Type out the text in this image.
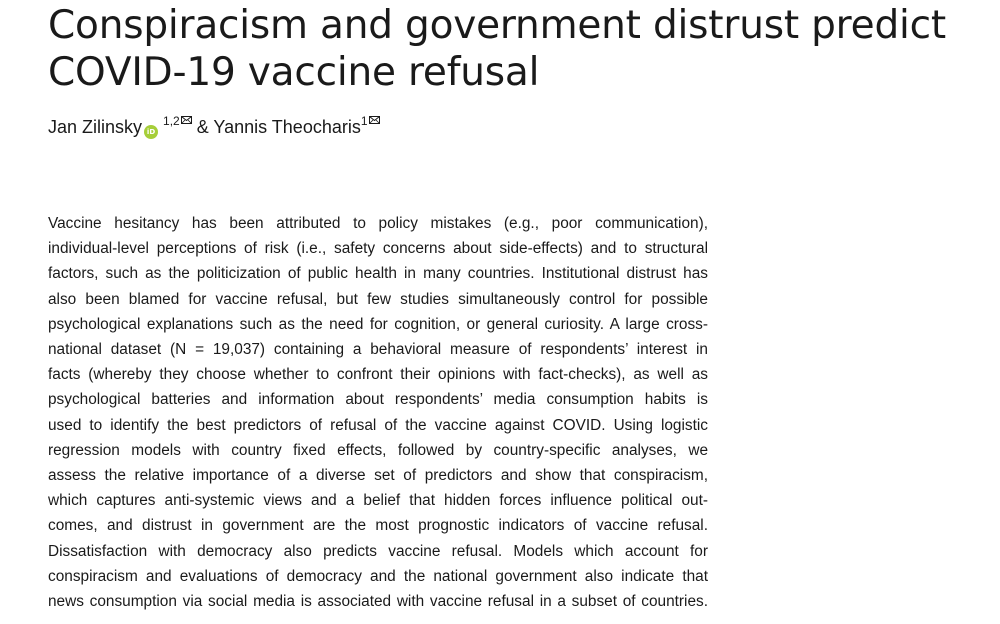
Conspiracism and government distrust predict
COVID-19 vaccine refusal
Jan Zilinsky iD $^{1,2}$ & Yannis Theocharis$^1$
Vaccine hesitancy has been attributed to policy mistakes (e.g., poor communication),
individual-level perceptions of risk (i.e., safety concerns about side-effects) and to structural
factors, such as the politicization of public health in many countries. Institutional distrust has
also been blamed for vaccine refusal, but few studies simultaneously control for possible
psychological explanations such as the need for cognition, or general curiosity. A large cross-
national dataset (N = 19,037) containing a behavioral measure of respondents’ interest in
facts (whereby they choose whether to confront their opinions with fact-checks), as well as
psychological batteries and information about respondents’ media consumption habits is
used to identify the best predictors of refusal of the vaccine against COVID. Using logistic
regression models with country fixed effects, followed by country-specific analyses, we
assess the relative importance of a diverse set of predictors and show that conspiracism,
which captures anti-systemic views and a belief that hidden forces influence political out-
comes, and distrust in government are the most prognostic indicators of vaccine refusal.
Dissatisfaction with democracy also predicts vaccine refusal. Models which account for
conspiracism and evaluations of democracy and the national government also indicate that
news consumption via social media is associated with vaccine refusal in a subset of countries.
